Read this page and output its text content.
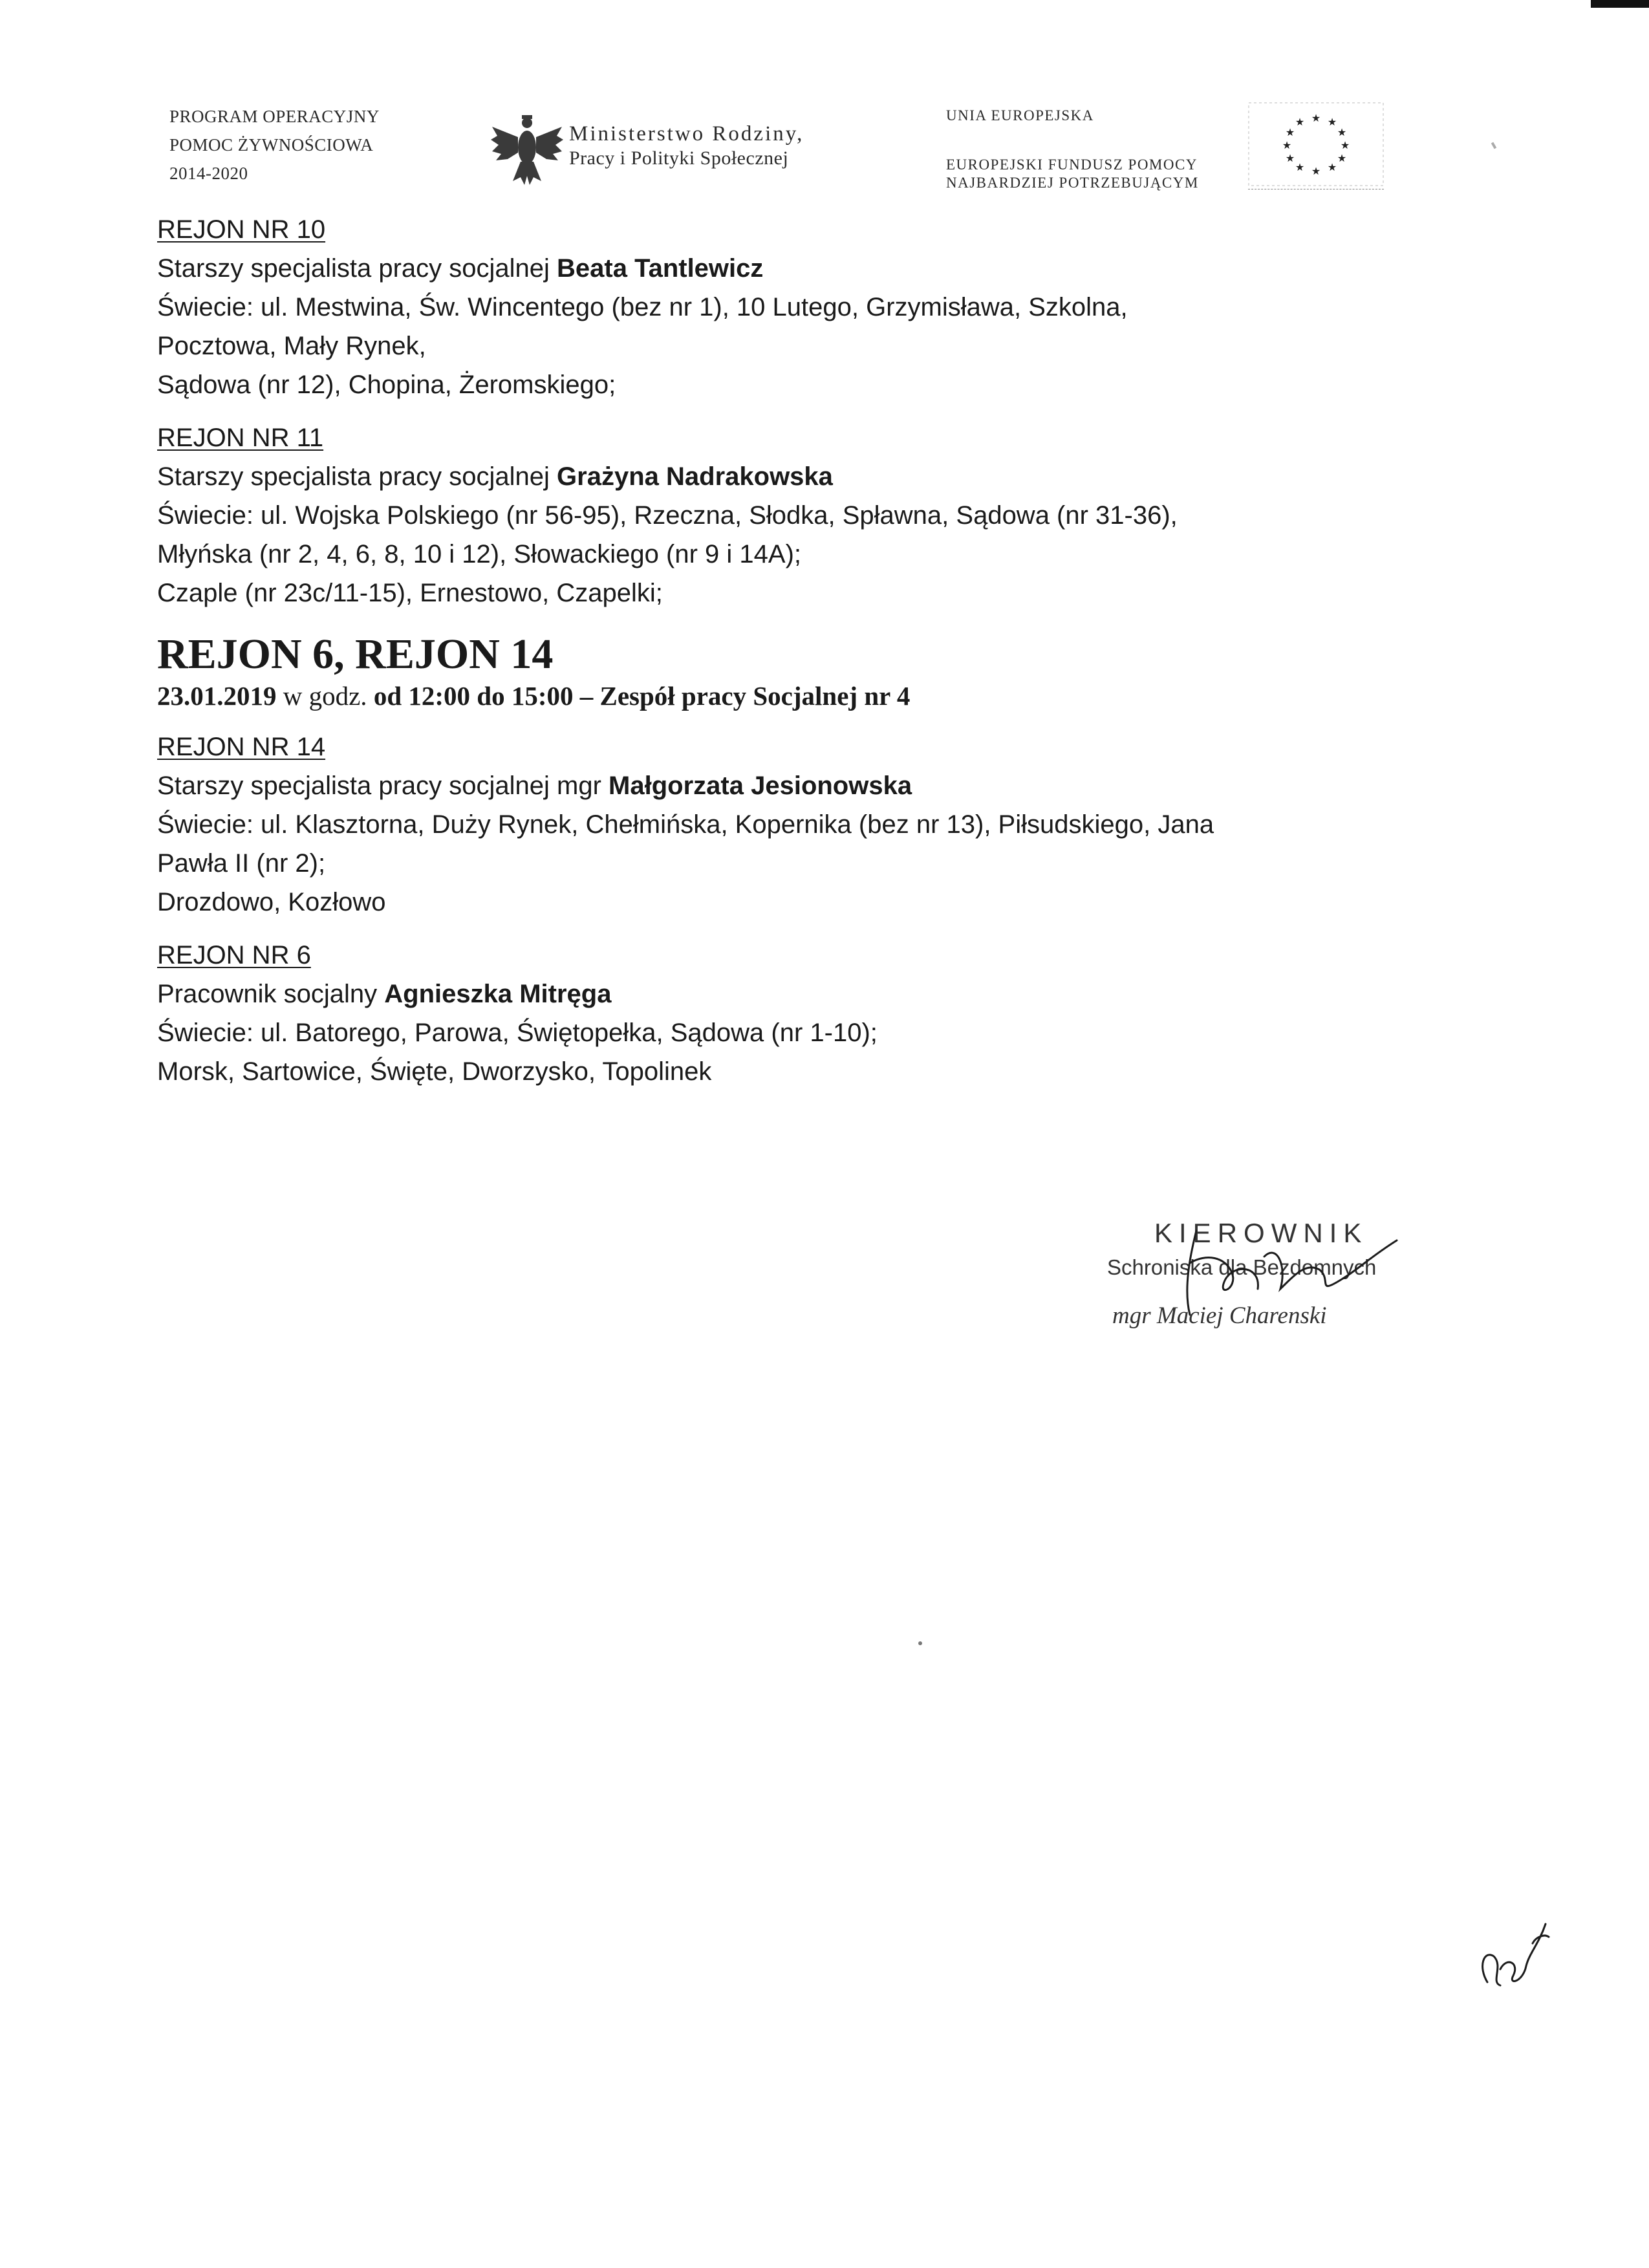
PROGRAM OPERACYJNY
POMOC ŻYWNOŚCIOWA
2014-2020
Ministerstwo Rodziny,
Pracy i Polityki Społecznej
UNIA EUROPEJSKA
EUROPEJSKI FUNDUSZ POMOCY
NAJBARDZIEJ POTRZEBUJĄCYM
★ ★
★
★
★
★
★
★
★
★
★
★

REJON NR 10

Starszy specjalista pracy socjalnej Beata Tantlewicz

Świecie: ul. Mestwina, Św. Wincentego (bez nr 1), 10 Lutego, Grzymisława, Szkolna,

Pocztowa, Mały Rynek,

Sądowa (nr 12), Chopina, Żeromskiego;

REJON NR 11

Starszy specjalista pracy socjalnej Grażyna Nadrakowska

Świecie: ul. Wojska Polskiego (nr 56-95), Rzeczna, Słodka, Spławna, Sądowa (nr 31-36),

Młyńska (nr 2, 4, 6, 8, 10 i 12), Słowackiego (nr 9 i 14A);

Czaple (nr 23c/11-15), Ernestowo, Czapelki;

REJON 6, REJON 14
23.01.2019 w godz. od 12:00 do 15:00 – Zespół pracy Socjalnej nr 4

REJON NR 14

Starszy specjalista pracy socjalnej mgr Małgorzata Jesionowska

Świecie: ul. Klasztorna, Duży Rynek, Chełmińska, Kopernika (bez nr 13), Piłsudskiego, Jana

Pawła II (nr 2);

Drozdowo, Kozłowo

REJON NR 6

Pracownik socjalny Agnieszka Mitręga

Świecie: ul. Batorego, Parowa, Świętopełka, Sądowa (nr 1-10);

Morsk, Sartowice, Święte, Dworzysko, Topolinek

KIEROWNIK
Schroniska dla Bezdomnych
mgr Maciej Charenski
